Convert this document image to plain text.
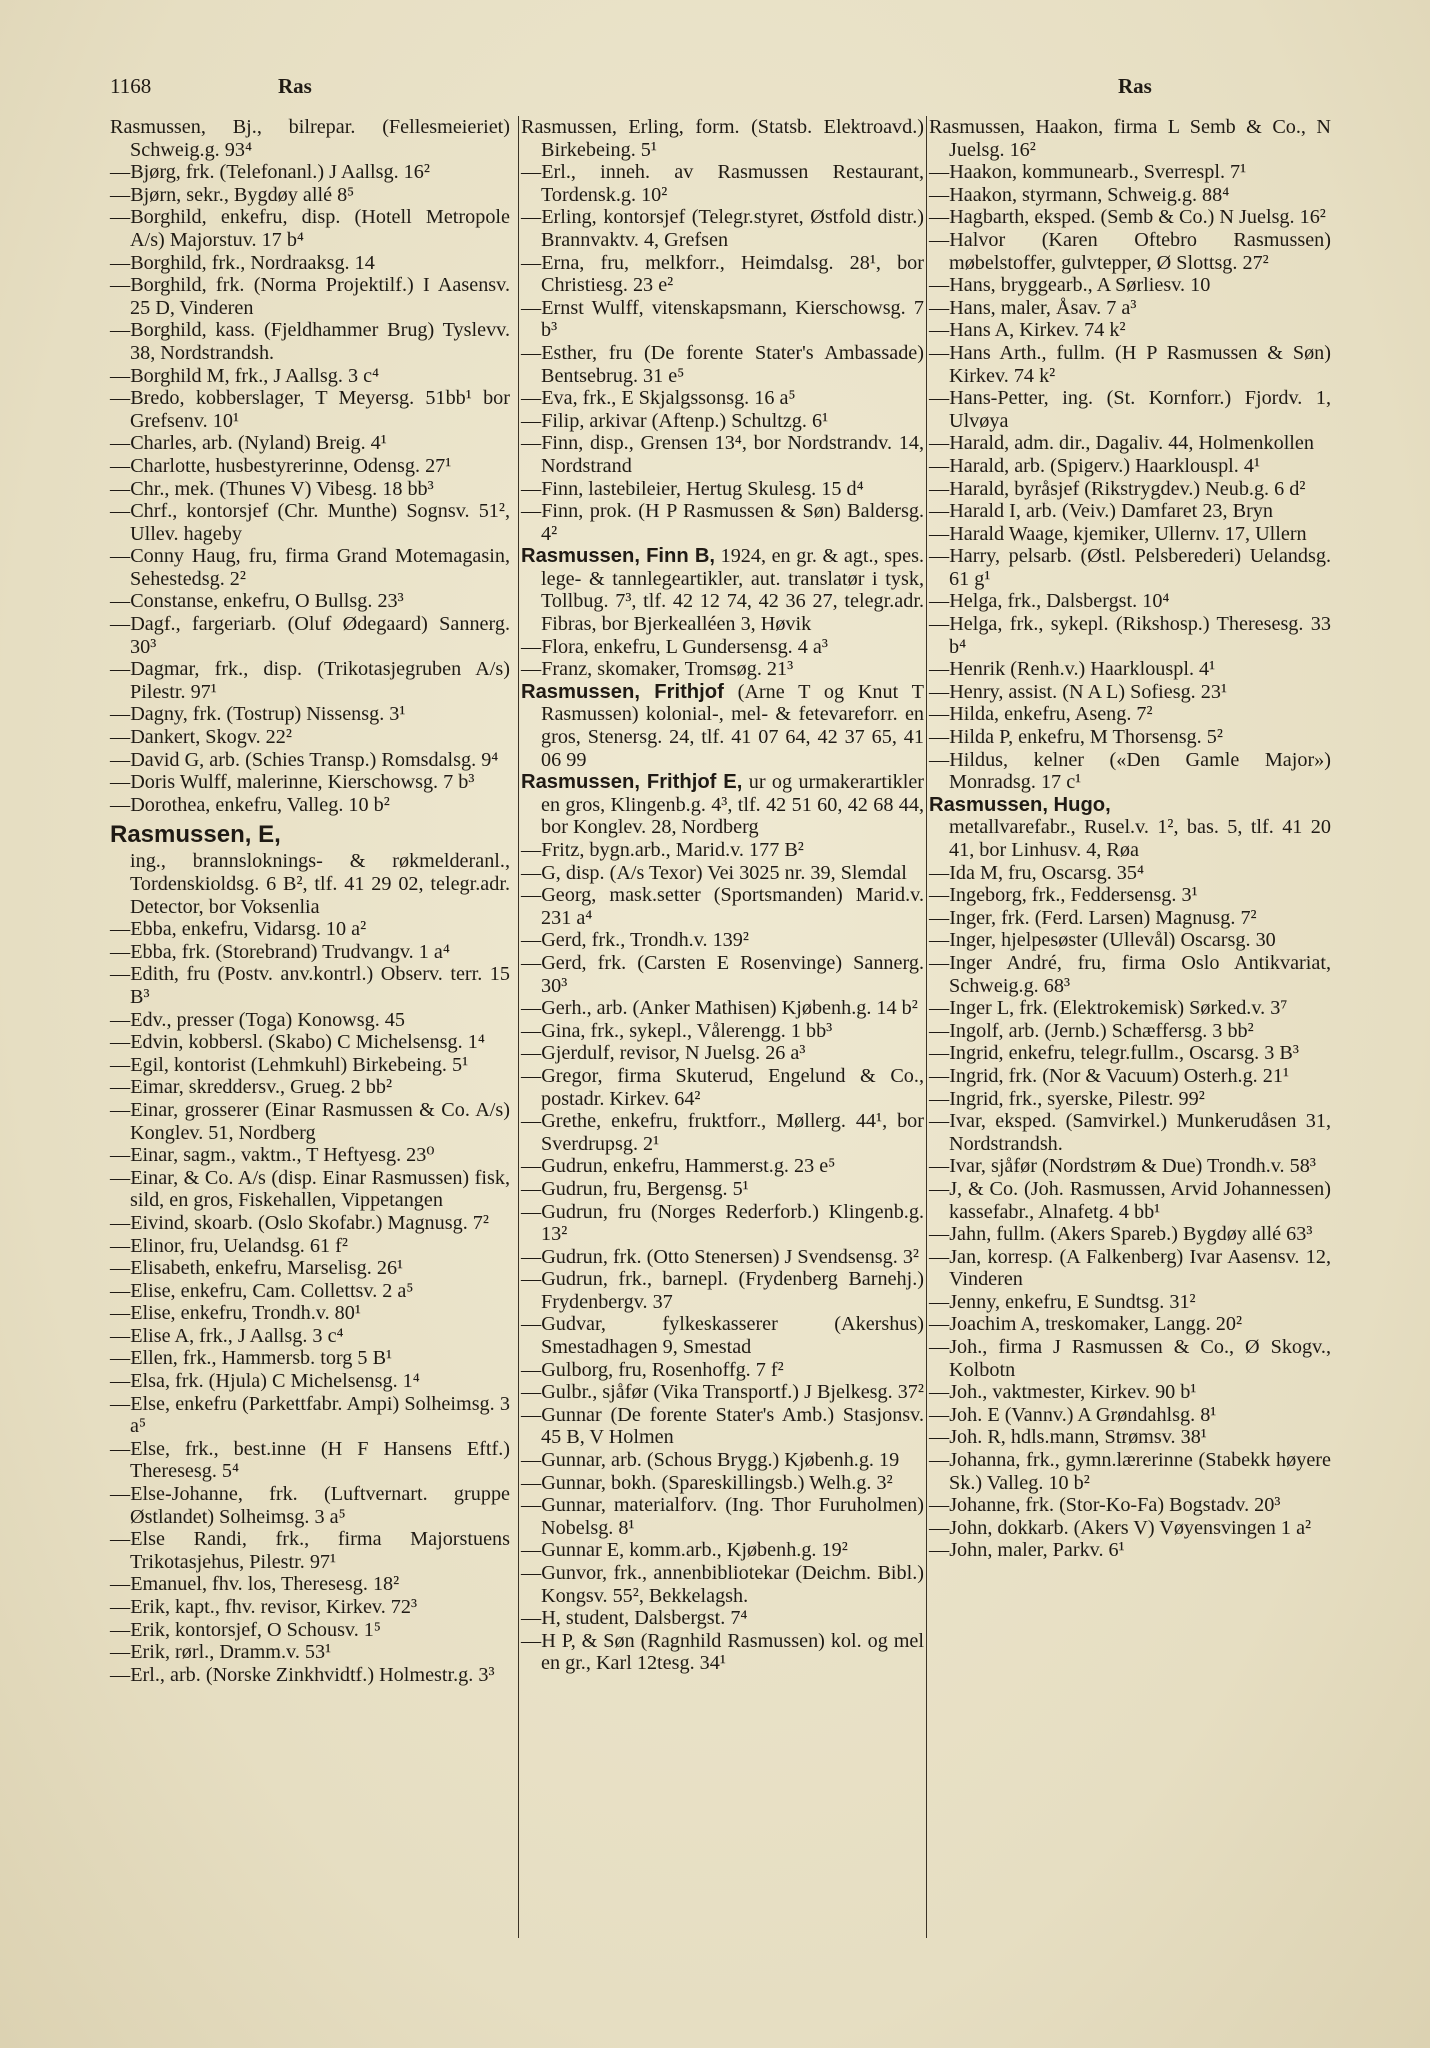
1168	Ras	Ras
Rasmussen, Bj., bilrepar. (Fellesmeieriet) Schweig.g. 93⁴
—Bjørg, frk. (Telefonanl.) J Aallsg. 16²
—Bjørn, sekr., Bygdøy allé 8⁵
—Borghild, enkefru, disp. (Hotell Metropole A/s) Majorstuv. 17 b⁴
—Borghild, frk., Nordraaksg. 14
—Borghild, frk. (Norma Projektilf.) I Aasensv. 25 D, Vinderen
—Borghild, kass. (Fjeldhammer Brug) Tyslevv. 38, Nordstrandsh.
—Borghild M, frk., J Aallsg. 3 c⁴
—Bredo, kobberslager, T Meyersg. 51bb¹ bor Grefsenv. 10¹
—Charles, arb. (Nyland) Breig. 4¹
—Charlotte, husbestyrerinne, Odensg. 27¹
—Chr., mek. (Thunes V) Vibesg. 18 bb³
—Chrf., kontorsjef (Chr. Munthe) Sognsv. 51², Ullev. hageby
—Conny Haug, fru, firma Grand Motemagasin, Sehestedsg. 2²
—Constanse, enkefru, O Bullsg. 23³
—Dagf., fargeriarb. (Oluf Ødegaard) Sannerg. 30³
—Dagmar, frk., disp. (Trikotasjegruben A/s) Pilestr. 97¹
—Dagny, frk. (Tostrup) Nissensg. 3¹
—Dankert, Skogv. 22²
—David G, arb. (Schies Transp.) Romsdalsg. 9⁴
—Doris Wulff, malerinne, Kierschowsg. 7 b³
—Dorothea, enkefru, Valleg. 10 b²
Rasmussen, E,
ing., brannsloknings- & røkmelderanl., Tordenskioldsg. 6 B², tlf. 41 29 02, telegr.adr. Detector, bor Voksenlia
—Ebba, enkefru, Vidarsg. 10 a²
—Ebba, frk. (Storebrand) Trudvangv. 1 a⁴
—Edith, fru (Postv. anv.kontrl.) Observ. terr. 15 B³
—Edv., presser (Toga) Konowsg. 45
—Edvin, kobbersl. (Skabo) C Michelsensg. 1⁴
—Egil, kontorist (Lehmkuhl) Birkebeing. 5¹
—Eimar, skreddersv., Grueg. 2 bb²
—Einar, grosserer (Einar Rasmussen & Co. A/s) Konglev. 51, Nordberg
—Einar, sagm., vaktm., T Heftyesg. 23⁰
—Einar, & Co. A/s (disp. Einar Rasmussen) fisk, sild, en gros, Fiskehallen, Vippetangen
—Eivind, skoarb. (Oslo Skofabr.) Magnusg. 7²
—Elinor, fru, Uelandsg. 61 f²
—Elisabeth, enkefru, Marselisg. 26¹
—Elise, enkefru, Cam. Collettsv. 2 a⁵
—Elise, enkefru, Trondh.v. 80¹
—Elise A, frk., J Aallsg. 3 c⁴
—Ellen, frk., Hammersb. torg 5 B¹
—Elsa, frk. (Hjula) C Michelsensg. 1⁴
—Else, enkefru (Parkettfabr. Ampi) Solheimsg. 3 a⁵
—Else, frk., best.inne (H F Hansens Eftf.) Theresesg. 5⁴
—Else-Johanne, frk. (Luftvernart. gruppe Østlandet) Solheimsg. 3 a⁵
—Else Randi, frk., firma Majorstuens Trikotasjehus, Pilestr. 97¹
—Emanuel, fhv. los, Theresesg. 18²
—Erik, kapt., fhv. revisor, Kirkev. 72³
—Erik, kontorsjef, O Schousv. 1⁵
—Erik, rørl., Dramm.v. 53¹
—Erl., arb. (Norske Zinkhvidtf.) Holmestr.g. 3³
Rasmussen, Erling, form. (Statsb. Elektroavd.) Birkebeing. 5¹
—Erl., inneh. av Rasmussen Restaurant, Tordensk.g. 10²
—Erling, kontorsjef (Telegr.styret, Østfold distr.) Brannvaktv. 4, Grefsen
—Erna, fru, melkforr., Heimdalsg. 28¹, bor Christiesg. 23 e²
—Ernst Wulff, vitenskapsmann, Kierschowsg. 7 b³
—Esther, fru (De forente Stater's Ambassade) Bentsebrug. 31 e⁵
—Eva, frk., E Skjalgssonsg. 16 a⁵
—Filip, arkivar (Aftenp.) Schultzg. 6¹
—Finn, disp., Grensen 13⁴, bor Nordstrandv. 14, Nordstrand
—Finn, lastebileier, Hertug Skulesg. 15 d⁴
—Finn, prok. (H P Rasmussen & Søn) Baldersg. 4²
Rasmussen, Finn B, 1924, en gr. & agt., spes. lege- & tannlegeartikler, aut. translatør i tysk, Tollbug. 7³, tlf. 42 12 74, 42 36 27, telegr.adr. Fibras, bor Bjerkealléen 3, Høvik
—Flora, enkefru, L Gundersensg. 4 a³
—Franz, skomaker, Tromsøg. 21³
Rasmussen, Frithjof (Arne T og Knut T Rasmussen) kolonial-, mel- & fetevareforr. en gros, Stenersg. 24, tlf. 41 07 64, 42 37 65, 41 06 99
Rasmussen, Frithjof E, ur og urmakerartikler en gros, Klingenb.g. 4³, tlf. 42 51 60, 42 68 44, bor Konglev. 28, Nordberg
—Fritz, bygn.arb., Marid.v. 177 B²
—G, disp. (A/s Texor) Vei 3025 nr. 39, Slemdal
—Georg, mask.setter (Sportsmanden) Marid.v. 231 a⁴
—Gerd, frk., Trondh.v. 139²
—Gerd, frk. (Carsten E Rosenvinge) Sannerg. 30³
—Gerh., arb. (Anker Mathisen) Kjøbenh.g. 14 b²
—Gina, frk., sykepl., Vålerengg. 1 bb³
—Gjerdulf, revisor, N Juelsg. 26 a³
—Gregor, firma Skuterud, Engelund & Co., postadr. Kirkev. 64²
—Grethe, enkefru, fruktforr., Møllerg. 44¹, bor Sverdrupsg. 2¹
—Gudrun, enkefru, Hammerst.g. 23 e⁵
—Gudrun, fru, Bergensg. 5¹
—Gudrun, fru (Norges Rederforb.) Klingenb.g. 13²
—Gudrun, frk. (Otto Stenersen) J Svendsensg. 3²
—Gudrun, frk., barnepl. (Frydenberg Barnehj.) Frydenbergv. 37
—Gudvar, fylkeskasserer (Akershus) Smestadhagen 9, Smestad
—Gulborg, fru, Rosenhoffg. 7 f²
—Gulbr., sjåfør (Vika Transportf.) J Bjelkesg. 37²
—Gunnar (De forente Stater's Amb.) Stasjonsv. 45 B, V Holmen
—Gunnar, arb. (Schous Brygg.) Kjøbenh.g. 19
—Gunnar, bokh. (Spareskillingsb.) Welh.g. 3²
—Gunnar, materialforv. (Ing. Thor Furuholmen) Nobelsg. 8¹
—Gunnar E, komm.arb., Kjøbenh.g. 19²
—Gunvor, frk., annenbibliotekar (Deichm. Bibl.) Kongsv. 55², Bekkelagsh.
—H, student, Dalsbergst. 7⁴
—H P, & Søn (Ragnhild Rasmussen) kol. og mel en gr., Karl 12tesg. 34¹
Rasmussen, Haakon, firma L Semb & Co., N Juelsg. 16²
—Haakon, kommunearb., Sverrespl. 7¹
—Haakon, styrmann, Schweig.g. 88⁴
—Hagbarth, eksped. (Semb & Co.) N Juelsg. 16²
—Halvor (Karen Oftebro Rasmussen) møbelstoffer, gulvtepper, Ø Slottsg. 27²
—Hans, bryggearb., A Sørliesv. 10
—Hans, maler, Åsav. 7 a³
—Hans A, Kirkev. 74 k²
—Hans Arth., fullm. (H P Rasmussen & Søn) Kirkev. 74 k²
—Hans-Petter, ing. (St. Kornforr.) Fjordv. 1, Ulvøya
—Harald, adm. dir., Dagaliv. 44, Holmenkollen
—Harald, arb. (Spigerv.) Haarklouspl. 4¹
—Harald, byråsjef (Rikstrygdev.) Neub.g. 6 d²
—Harald I, arb. (Veiv.) Damfaret 23, Bryn
—Harald Waage, kjemiker, Ullernv. 17, Ullern
—Harry, pelsarb. (Østl. Pelsberederi) Uelandsg. 61 g¹
—Helga, frk., Dalsbergst. 10⁴
—Helga, frk., sykepl. (Rikshosp.) Theresesg. 33 b⁴
—Henrik (Renh.v.) Haarklouspl. 4¹
—Henry, assist. (N A L) Sofiesg. 23¹
—Hilda, enkefru, Aseng. 7²
—Hilda P, enkefru, M Thorsensg. 5²
—Hildus, kelner («Den Gamle Major») Monradsg. 17 c¹
Rasmussen, Hugo,
metallvarefabr., Rusel.v. 1², bas. 5, tlf. 41 20 41, bor Linhusv. 4, Røa
—Ida M, fru, Oscarsg. 35⁴
—Ingeborg, frk., Feddersensg. 3¹
—Inger, frk. (Ferd. Larsen) Magnusg. 7²
—Inger, hjelpesøster (Ullevål) Oscarsg. 30
—Inger André, fru, firma Oslo Antikvariat, Schweig.g. 68³
—Inger L, frk. (Elektrokemisk) Sørked.v. 3⁷
—Ingolf, arb. (Jernb.) Schæffersg. 3 bb²
—Ingrid, enkefru, telegr.fullm., Oscarsg. 3 B³
—Ingrid, frk. (Nor & Vacuum) Osterh.g. 21¹
—Ingrid, frk., syerske, Pilestr. 99²
—Ivar, eksped. (Samvirkel.) Munkerudåsen 31, Nordstrandsh.
—Ivar, sjåfør (Nordstrøm & Due) Trondh.v. 58³
—J, & Co. (Joh. Rasmussen, Arvid Johannessen) kassefabr., Alnafetg. 4 bb¹
—Jahn, fullm. (Akers Spareb.) Bygdøy allé 63³
—Jan, korresp. (A Falkenberg) Ivar Aasensv. 12, Vinderen
—Jenny, enkefru, E Sundtsg. 31²
—Joachim A, treskomaker, Langg. 20²
—Joh., firma J Rasmussen & Co., Ø Skogv., Kolbotn
—Joh., vaktmester, Kirkev. 90 b¹
—Joh. E (Vannv.) A Grøndahlsg. 8¹
—Joh. R, hdls.mann, Strømsv. 38¹
—Johanna, frk., gymn.lærerinne (Stabekk høyere Sk.) Valleg. 10 b²
—Johanne, frk. (Stor-Ko-Fa) Bogstadv. 20³
—John, dokkarb. (Akers V) Vøyensvingen 1 a²
—John, maler, Parkv. 6¹
